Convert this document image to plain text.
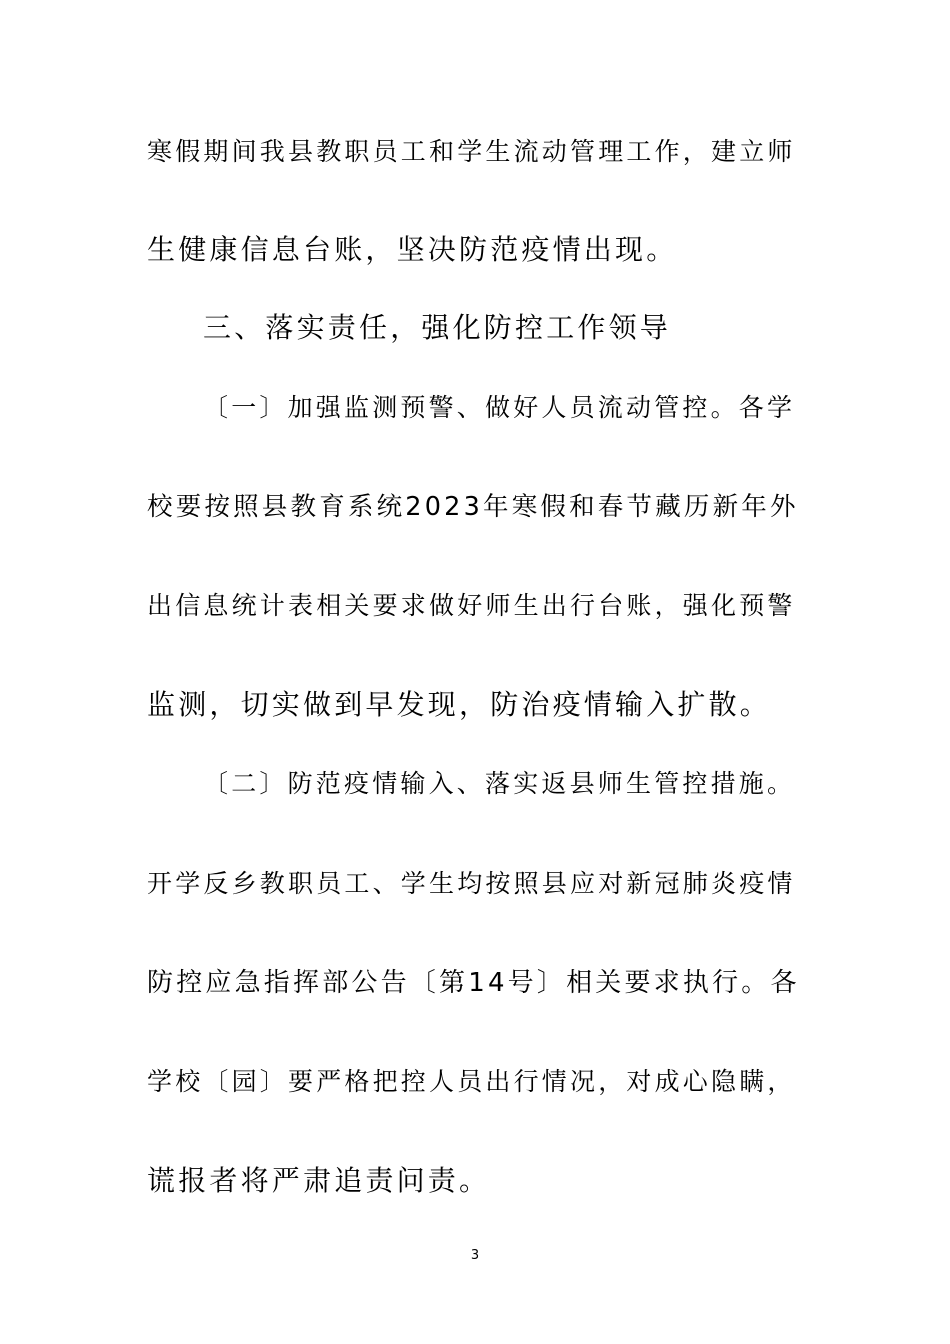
寒假期间我县教职员工和学生流动管理工作，建立师
生健康信息台账，坚决防范疫情出现。
三、落实责任，强化防控工作领导
〔一〕加强监测预警、做好人员流动管控。各学
校要按照县教育系统2023年寒假和春节藏历新年外
出信息统计表相关要求做好师生出行台账，强化预警
监测，切实做到早发现，防治疫情输入扩散。
〔二〕防范疫情输入、落实返县师生管控措施。
开学反乡教职员工、学生均按照县应对新冠肺炎疫情
防控应急指挥部公告〔第14号〕相关要求执行。各
学校〔园〕要严格把控人员出行情况，对成心隐瞒，
谎报者将严肃追责问责。
3
